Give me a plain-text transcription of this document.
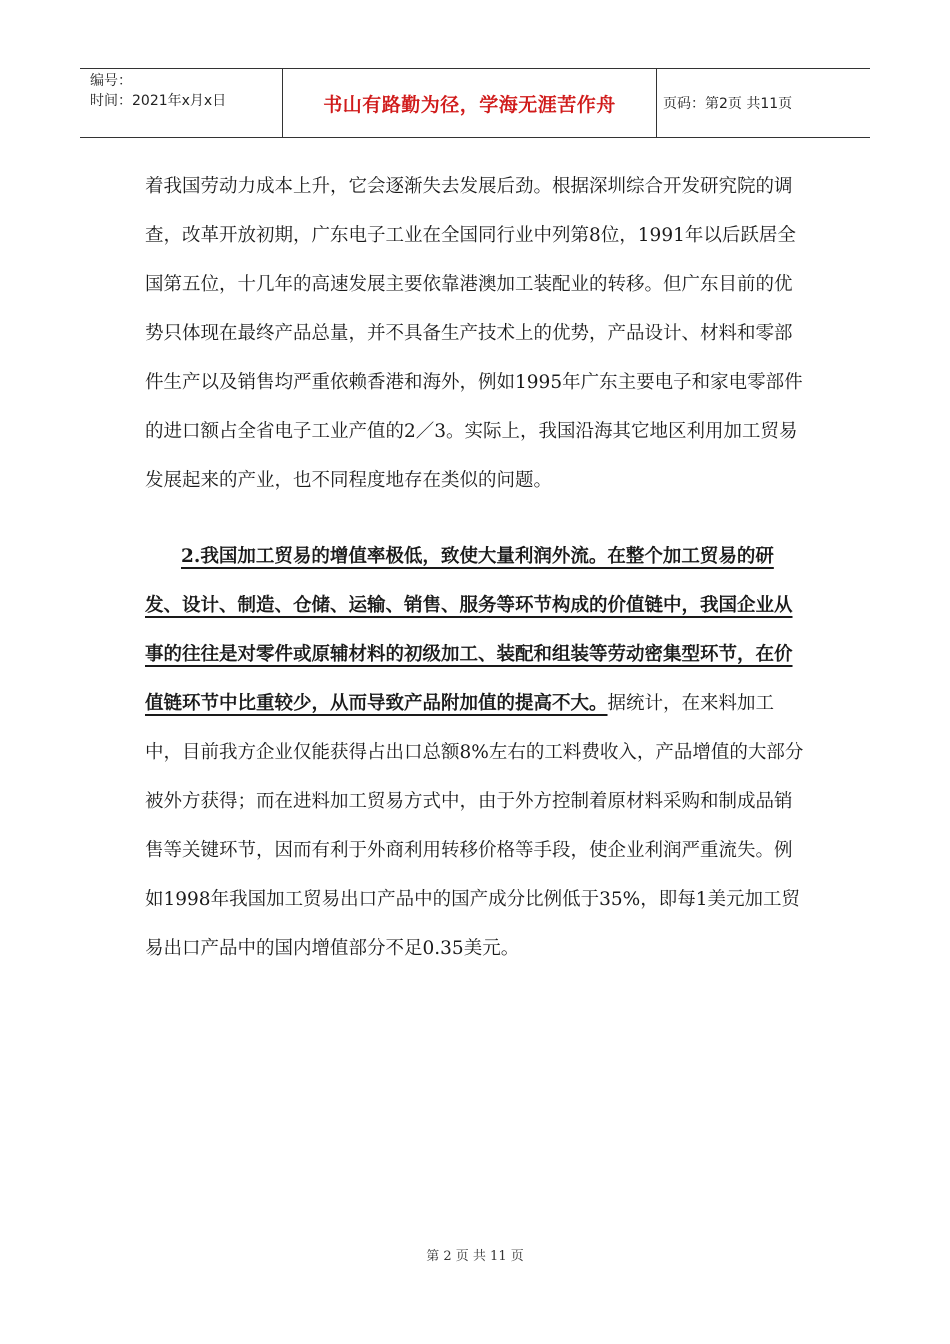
编号：
时间：2021年x月x日	书山有路勤为径，学海无涯苦作舟	页码：第2页 共11页

着我国劳动力成本上升，它会逐渐失去发展后劲。根据深圳综合开发研究院的调查，改革开放初期，广东电子工业在全国同行业中列第8位，1991年以后跃居全国第五位，十几年的高速发展主要依靠港澳加工装配业的转移。但广东目前的优势只体现在最终产品总量，并不具备生产技术上的优势，产品设计、材料和零部件生产以及销售均严重依赖香港和海外，例如1995年广东主要电子和家电零部件的进口额占全省电子工业产值的2／3。实际上，我国沿海其它地区利用加工贸易发展起来的产业，也不同程度地存在类似的问题。

2.我国加工贸易的增值率极低，致使大量利润外流。在整个加工贸易的研发、设计、制造、仓储、运输、销售、服务等环节构成的价值链中，我国企业从事的往往是对零件或原辅材料的初级加工、装配和组装等劳动密集型环节，在价值链环节中比重较少，从而导致产品附加值的提高不大。据统计，在来料加工中，目前我方企业仅能获得占出口总额8%左右的工料费收入，产品增值的大部分被外方获得；而在进料加工贸易方式中，由于外方控制着原材料采购和制成品销售等关键环节，因而有利于外商利用转移价格等手段，使企业利润严重流失。例如1998年我国加工贸易出口产品中的国产成分比例低于35%，即每1美元加工贸易出口产品中的国内增值部分不足0.35美元。

第 2 页 共 11 页
